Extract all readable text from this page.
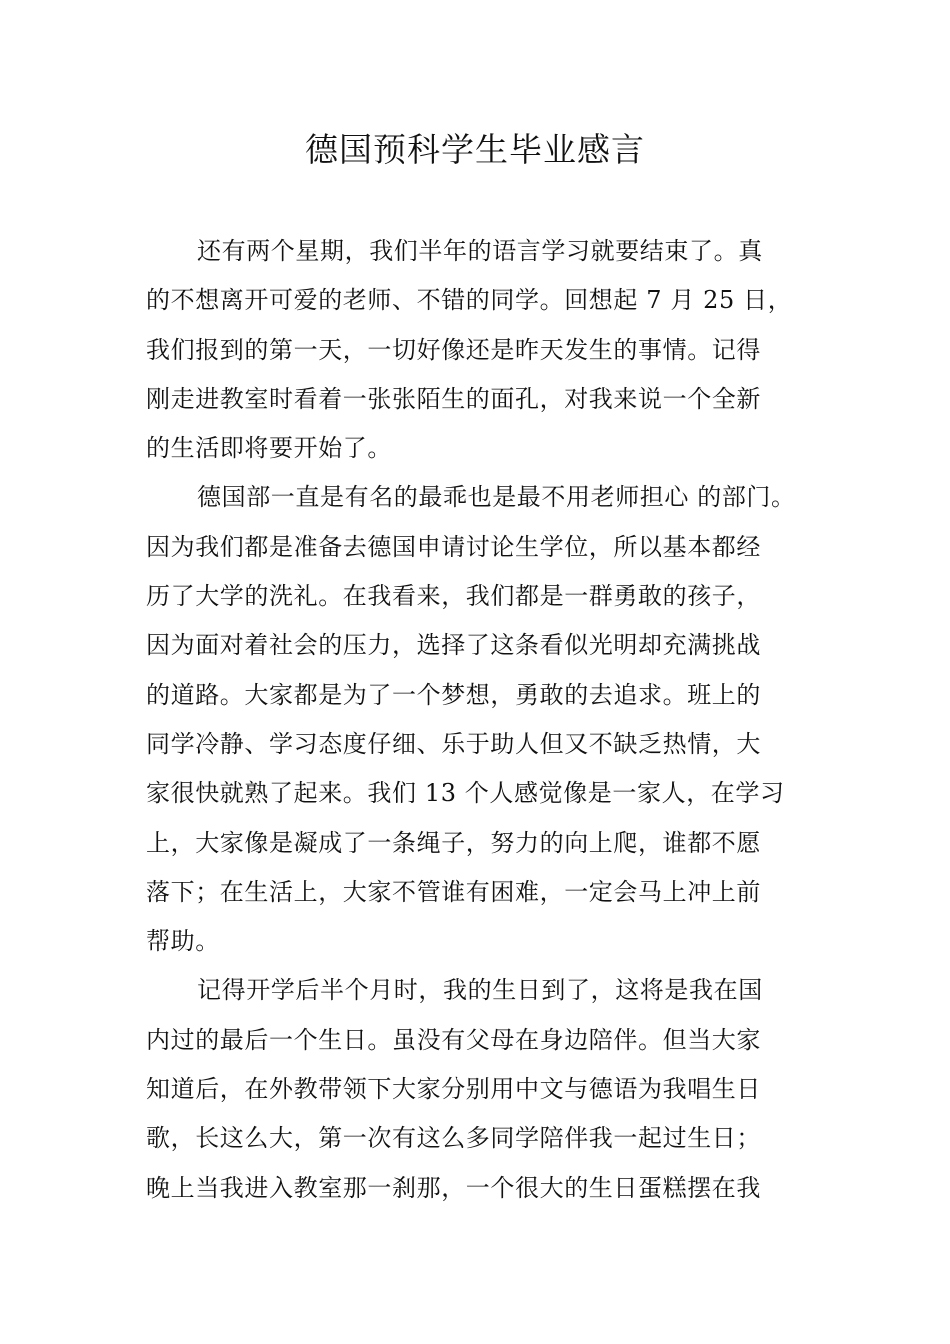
德国预科学生毕业感言
还有两个星期，我们半年的语言学习就要结束了。真
的不想离开可爱的老师、不错的同学。回想起 7 月 25 日，
我们报到的第一天，一切好像还是昨天发生的事情。记得
刚走进教室时看着一张张陌生的面孔，对我来说一个全新
的生活即将要开始了。
德国部一直是有名的最乖也是最不用老师担心 的部门。
因为我们都是准备去德国申请讨论生学位，所以基本都经
历了大学的洗礼。在我看来，我们都是一群勇敢的孩子，
因为面对着社会的压力，选择了这条看似光明却充满挑战
的道路。大家都是为了一个梦想，勇敢的去追求。班上的
同学冷静、学习态度仔细、乐于助人但又不缺乏热情，大
家很快就熟了起来。我们 13 个人感觉像是一家人，在学习
上，大家像是凝成了一条绳子，努力的向上爬，谁都不愿
落下；在生活上，大家不管谁有困难，一定会马上冲上前
帮助。
记得开学后半个月时，我的生日到了，这将是我在国
内过的最后一个生日。虽没有父母在身边陪伴。但当大家
知道后，在外教带领下大家分别用中文与德语为我唱生日
歌，长这么大，第一次有这么多同学陪伴我一起过生日；
晚上当我进入教室那一刹那，一个很大的生日蛋糕摆在我
